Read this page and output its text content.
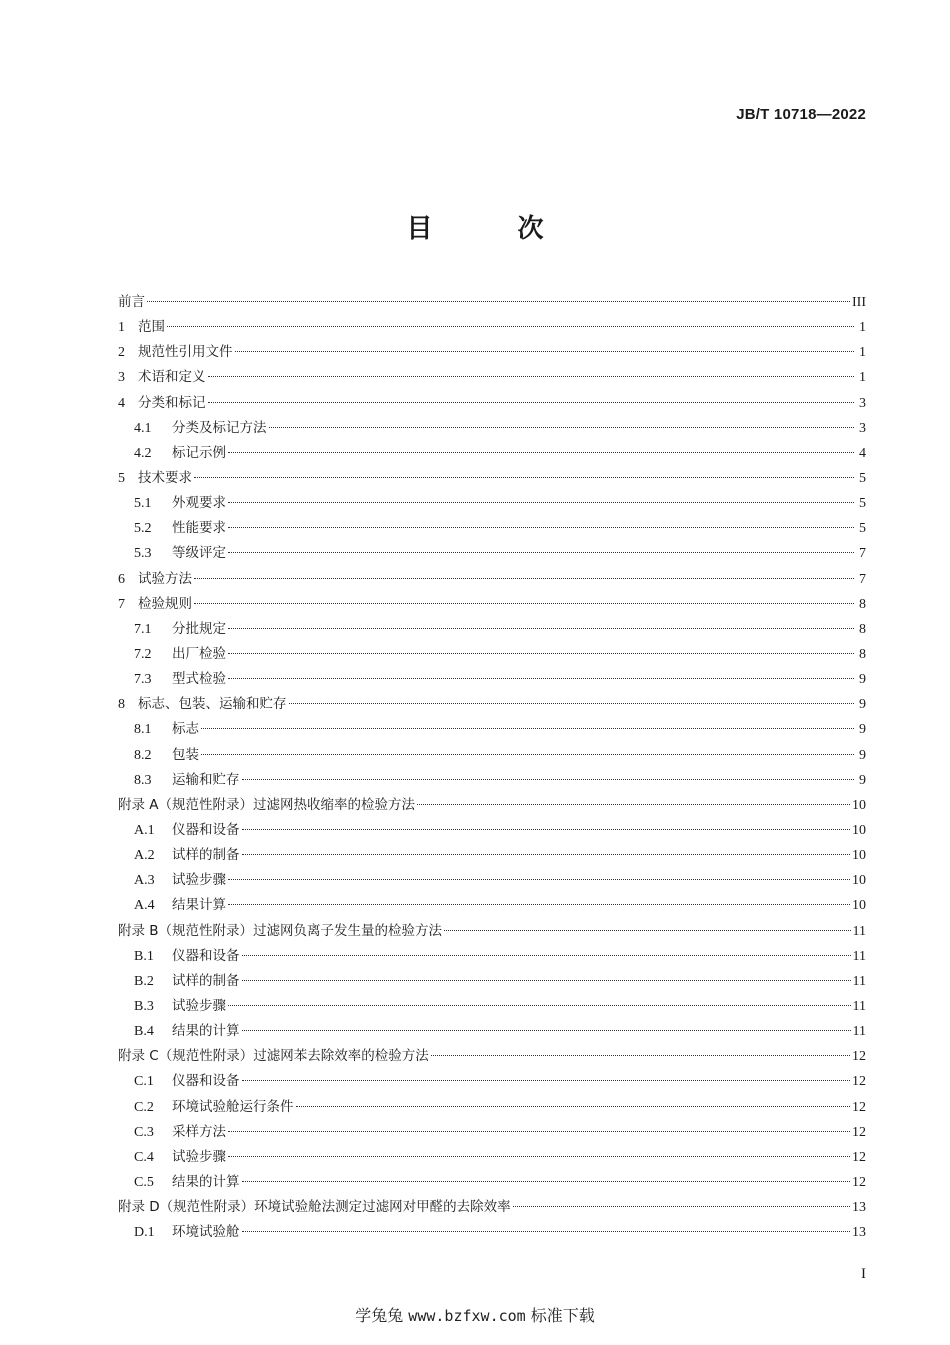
JB/T 10718—2022
目 次
前言	III
1 范围	1
2 规范性引用文件	1
3 术语和定义	1
4 分类和标记	3
4.1	分类及标记方法	3
4.2	标记示例	4
5 技术要求	5
5.1	外观要求	5
5.2	性能要求	5
5.3	等级评定	7
6 试验方法	7
7 检验规则	8
7.1	分批规定	8
7.2	出厂检验	8
7.3	型式检验	9
8 标志、包装、运输和贮存	9
8.1	标志	9
8.2	包装	9
8.3	运输和贮存	9
附录 A（规范性附录）过滤网热收缩率的检验方法	10
A.1	仪器和设备	10
A.2	试样的制备	10
A.3	试验步骤	10
A.4	结果计算	10
附录 B（规范性附录）过滤网负离子发生量的检验方法	11
B.1	仪器和设备	11
B.2	试样的制备	11
B.3	试验步骤	11
B.4	结果的计算	11
附录 C（规范性附录）过滤网苯去除效率的检验方法	12
C.1	仪器和设备	12
C.2	环境试验舱运行条件	12
C.3	采样方法	12
C.4	试验步骤	12
C.5	结果的计算	12
附录 D（规范性附录）环境试验舱法测定过滤网对甲醛的去除效率	13
D.1	环境试验舱	13
I
学兔兔 www.bzfxw.com 标准下载
